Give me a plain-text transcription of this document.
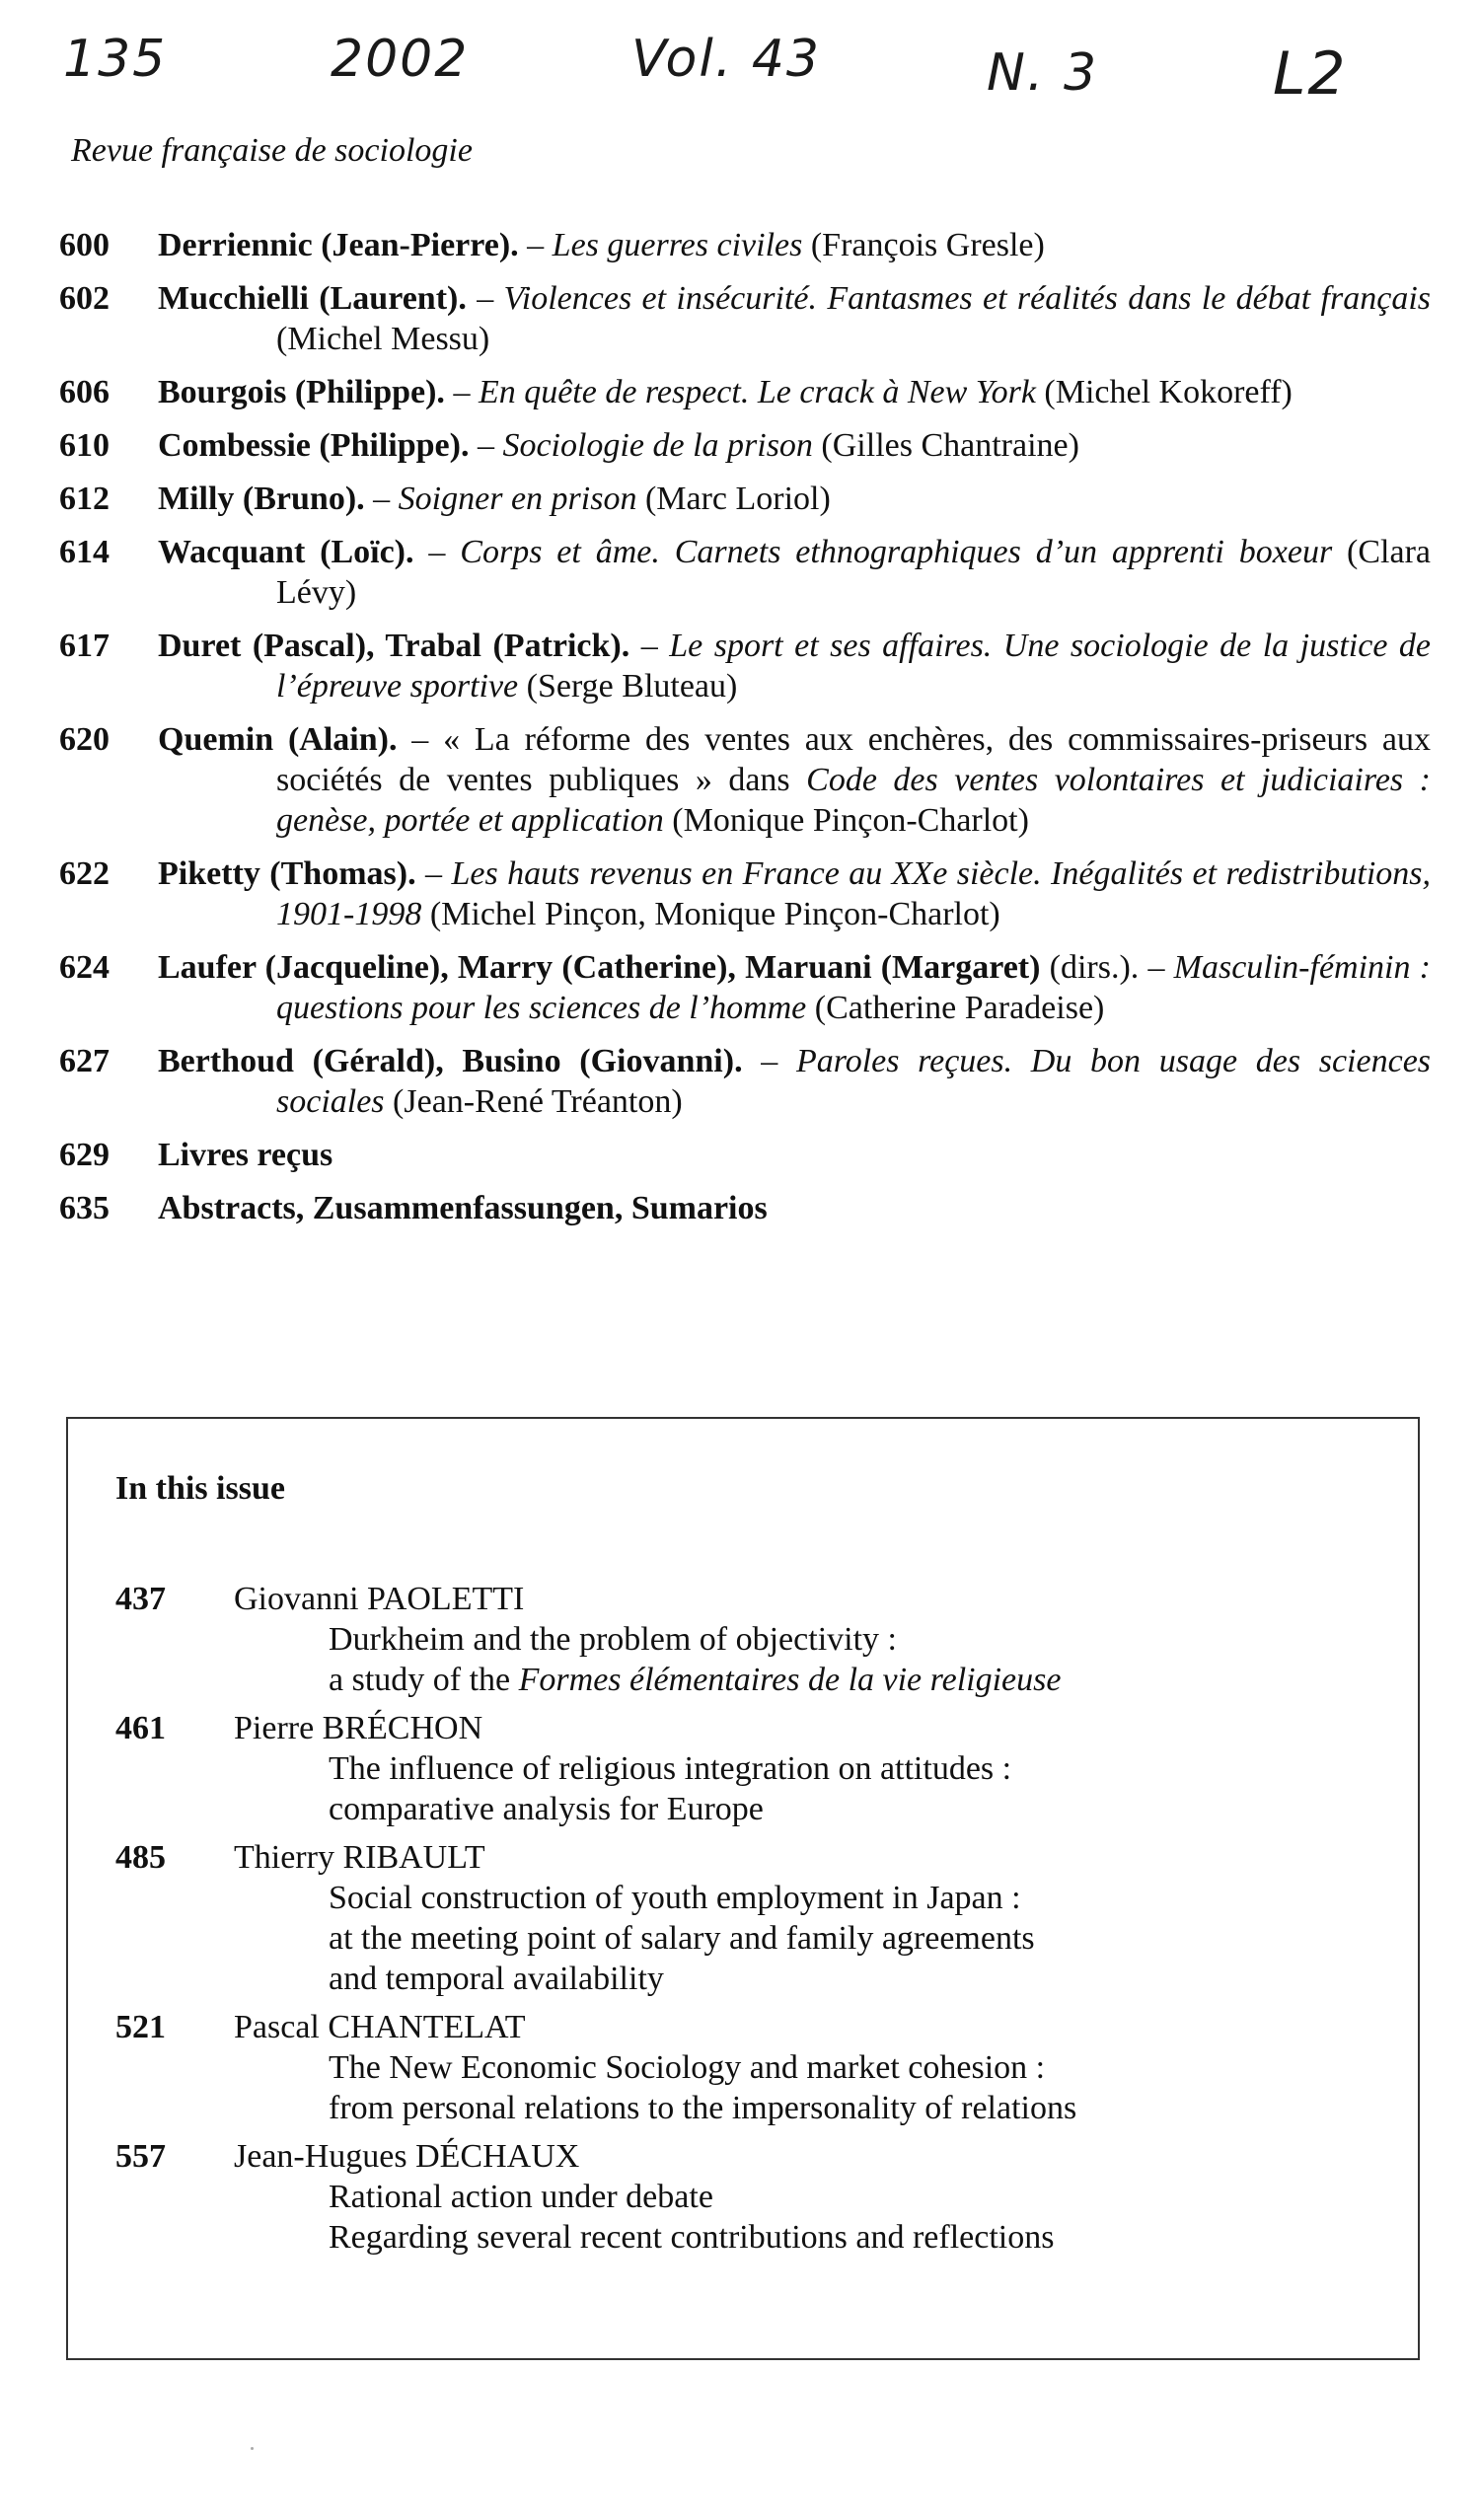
135	2002	Vol. 43	N. 3	L2
Revue française de sociologie
600	Derriennic (Jean-Pierre). – Les guerres civiles (François Gresle)
602	Mucchielli (Laurent). – Violences et insécurité. Fantasmes et réalités dans le débat français (Michel Messu)
606	Bourgois (Philippe). – En quête de respect. Le crack à New York (Michel Kokoreff)
610	Combessie (Philippe). – Sociologie de la prison (Gilles Chantraine)
612	Milly (Bruno). – Soigner en prison (Marc Loriol)
614	Wacquant (Loïc). – Corps et âme. Carnets ethnographiques d’un apprenti boxeur (Clara Lévy)
617	Duret (Pascal), Trabal (Patrick). – Le sport et ses affaires. Une sociologie de la justice de l’épreuve sportive (Serge Bluteau)
620	Quemin (Alain). – « La réforme des ventes aux enchères, des commissaires-priseurs aux sociétés de ventes publiques » dans Code des ventes volontaires et judiciaires : genèse, portée et application (Monique Pinçon-Charlot)
622	Piketty (Thomas). – Les hauts revenus en France au XXe siècle. Inégalités et redistributions, 1901-1998 (Michel Pinçon, Monique Pinçon-Charlot)
624	Laufer (Jacqueline), Marry (Catherine), Maruani (Margaret) (dirs.). – Masculin-féminin : questions pour les sciences de l’homme (Catherine Paradeise)
627	Berthoud (Gérald), Busino (Giovanni). – Paroles reçues. Du bon usage des sciences sociales (Jean-René Tréanton)
629	Livres reçus
635	Abstracts, Zusammenfassungen, Sumarios
In this issue
437	Giovanni PAOLETTI
Durkheim and the problem of objectivity :
a study of the Formes élémentaires de la vie religieuse
461	Pierre BRÉCHON
The influence of religious integration on attitudes :
comparative analysis for Europe
485	Thierry RIBAULT
Social construction of youth employment in Japan :
at the meeting point of salary and family agreements
and temporal availability
521	Pascal CHANTELAT
The New Economic Sociology and market cohesion :
from personal relations to the impersonality of relations
557	Jean-Hugues DÉCHAUX
Rational action under debate
Regarding several recent contributions and reflections
